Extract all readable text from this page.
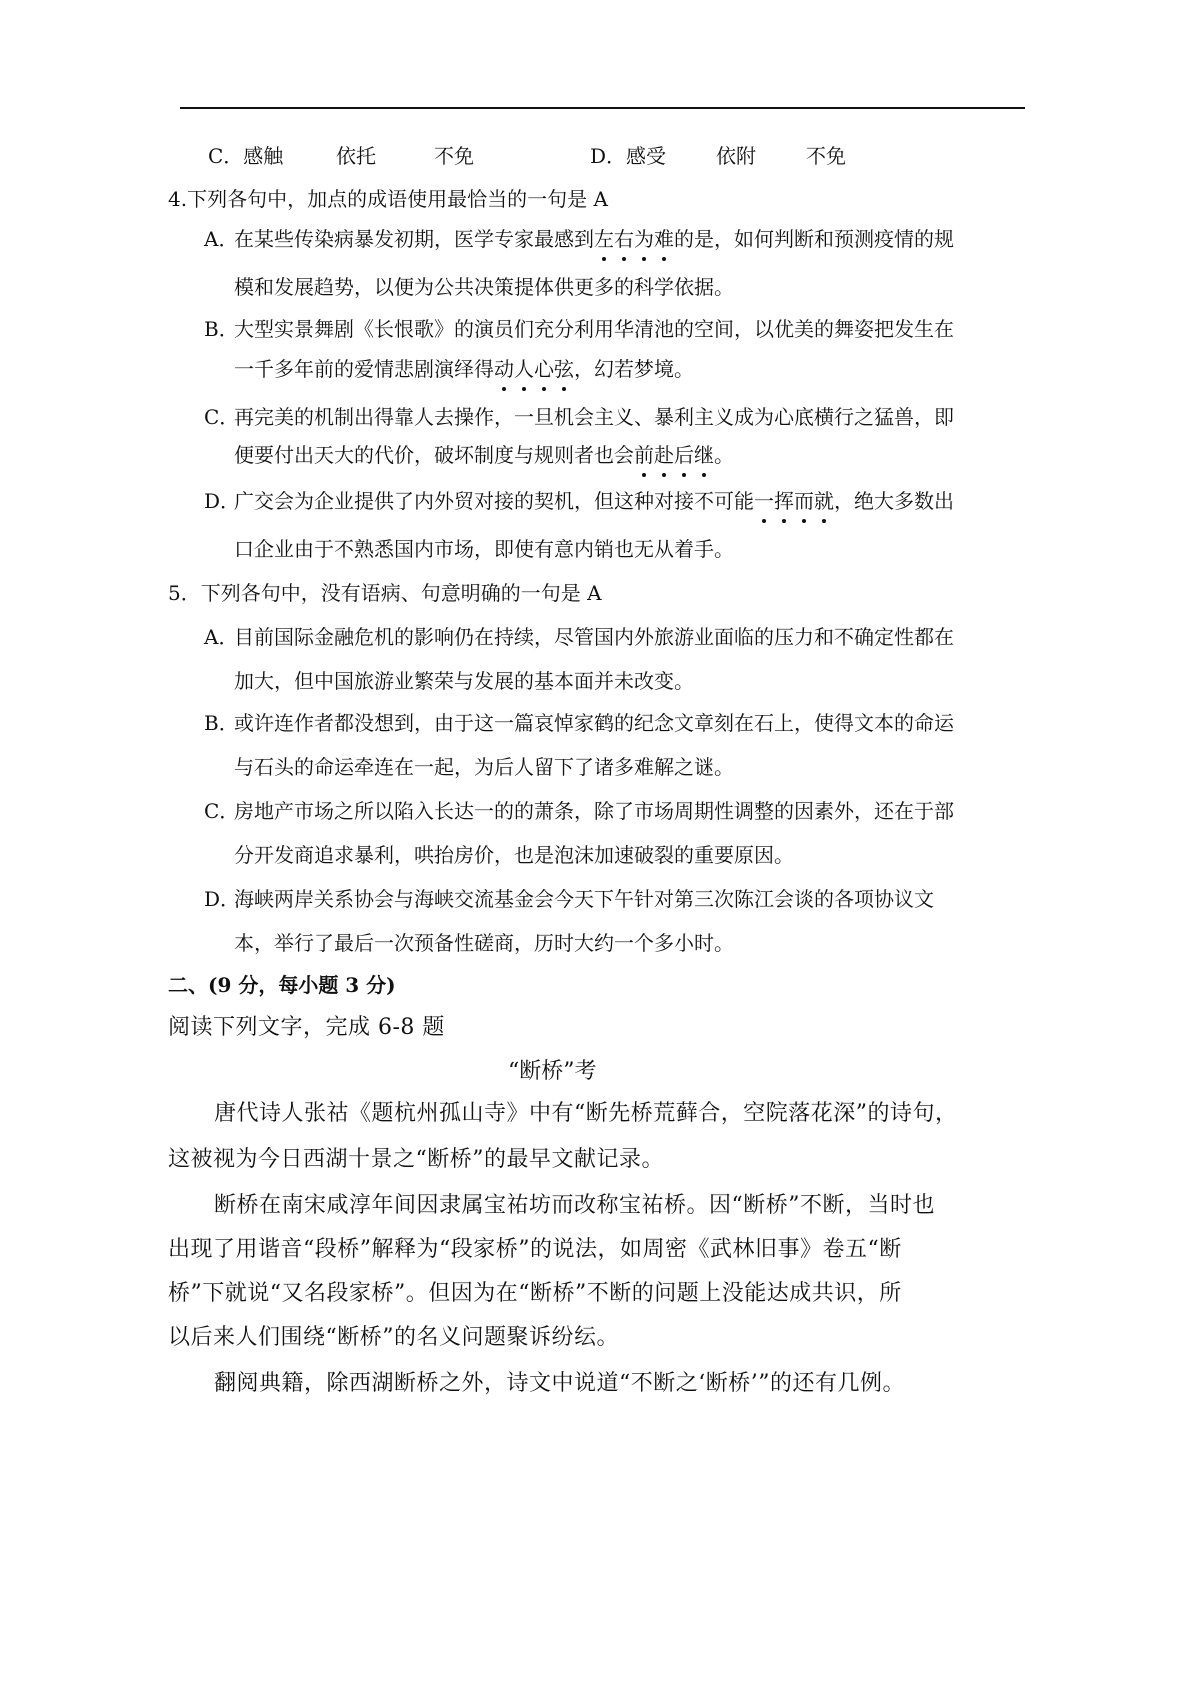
C．感触	依托	不免	D．感受 依附	不免
4.下列各句中，加点的成语使用最恰当的一句是 A
A．
在某些传染病暴发初期，医学专家最感到左右为难的是，如何判断和预测疫情的规
模和发展趋势，以便为公共决策提体供更多的科学依据。
B．
大型实景舞剧《长恨歌》的演员们充分利用华清池的空间，以优美的舞姿把发生在
一千多年前的爱情悲剧演绎得动人心弦，幻若梦境。
C．
再完美的机制出得靠人去操作，一旦机会主义、暴利主义成为心底横行之猛兽，即
便要付出天大的代价，破坏制度与规则者也会前赴后继。
D．
广交会为企业提供了内外贸对接的契机，但这种对接不可能一挥而就，绝大多数出
口企业由于不熟悉国内市场，即使有意内销也无从着手。
5．下列各句中，没有语病、句意明确的一句是 A
A．
目前国际金融危机的影响仍在持续，尽管国内外旅游业面临的压力和不确定性都在
加大，但中国旅游业繁荣与发展的基本面并未改变。
B．
或许连作者都没想到，由于这一篇哀悼家鹤的纪念文章刻在石上，使得文本的命运
与石头的命运牵连在一起，为后人留下了诸多难解之谜。
C．
房地产市场之所以陷入长达一的的萧条，除了市场周期性调整的因素外，还在于部
分开发商追求暴利，哄抬房价，也是泡沫加速破裂的重要原因。
D．
海峡两岸关系协会与海峡交流基金会今天下午针对第三次陈江会谈的各项协议文
本，举行了最后一次预备性磋商，历时大约一个多小时。
二、(9 分，每小题 3 分)
阅读下列文字，完成 6-8 题
“断桥”考
唐代诗人张祜《题杭州孤山寺》中有“断先桥荒藓合，空院落花深”的诗句，
这被视为今日西湖十景之“断桥”的最早文献记录。
断桥在南宋咸淳年间因隶属宝祐坊而改称宝祐桥。因“断桥”不断，当时也
出现了用谐音“段桥”解释为“段家桥”的说法，如周密《武林旧事》卷五“断
桥”下就说“又名段家桥”。但因为在“断桥”不断的问题上没能达成共识，所
以后来人们围绕“断桥”的名义问题聚诉纷纭。
翻阅典籍，除西湖断桥之外，诗文中说道“不断之‘断桥’”的还有几例。
